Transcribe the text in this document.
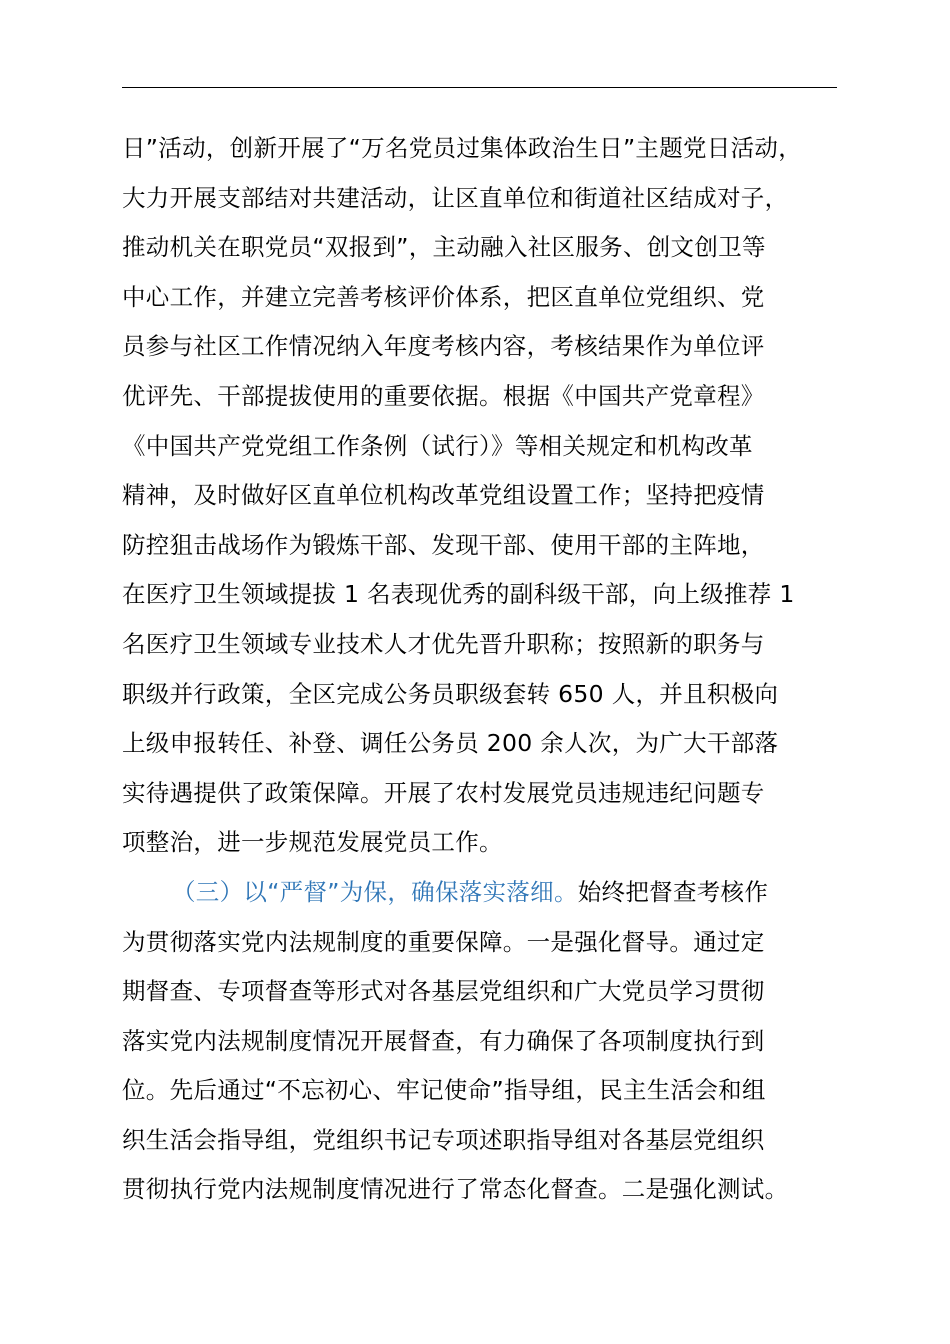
日”活动，创新开展了“万名党员过集体政治生日”主题党日活动，
大力开展支部结对共建活动，让区直单位和街道社区结成对子，
推动机关在职党员“双报到”，主动融入社区服务、创文创卫等
中心工作，并建立完善考核评价体系，把区直单位党组织、党
员参与社区工作情况纳入年度考核内容，考核结果作为单位评
优评先、干部提拔使用的重要依据。根据《中国共产党章程》
《中国共产党党组工作条例（试行）》等相关规定和机构改革
精神，及时做好区直单位机构改革党组设置工作；坚持把疫情
防控狙击战场作为锻炼干部、发现干部、使用干部的主阵地，
在医疗卫生领域提拔 1 名表现优秀的副科级干部，向上级推荐 1
名医疗卫生领域专业技术人才优先晋升职称；按照新的职务与
职级并行政策，全区完成公务员职级套转 650 人，并且积极向
上级申报转任、补登、调任公务员 200 余人次，为广大干部落
实待遇提供了政策保障。开展了农村发展党员违规违纪问题专
项整治，进一步规范发展党员工作。
（三）以“严督”为保，确保落实落细。始终把督查考核作
为贯彻落实党内法规制度的重要保障。一是强化督导。通过定
期督查、专项督查等形式对各基层党组织和广大党员学习贯彻
落实党内法规制度情况开展督查，有力确保了各项制度执行到
位。先后通过“不忘初心、牢记使命”指导组，民主生活会和组
织生活会指导组，党组织书记专项述职指导组对各基层党组织
贯彻执行党内法规制度情况进行了常态化督查。二是强化测试。
